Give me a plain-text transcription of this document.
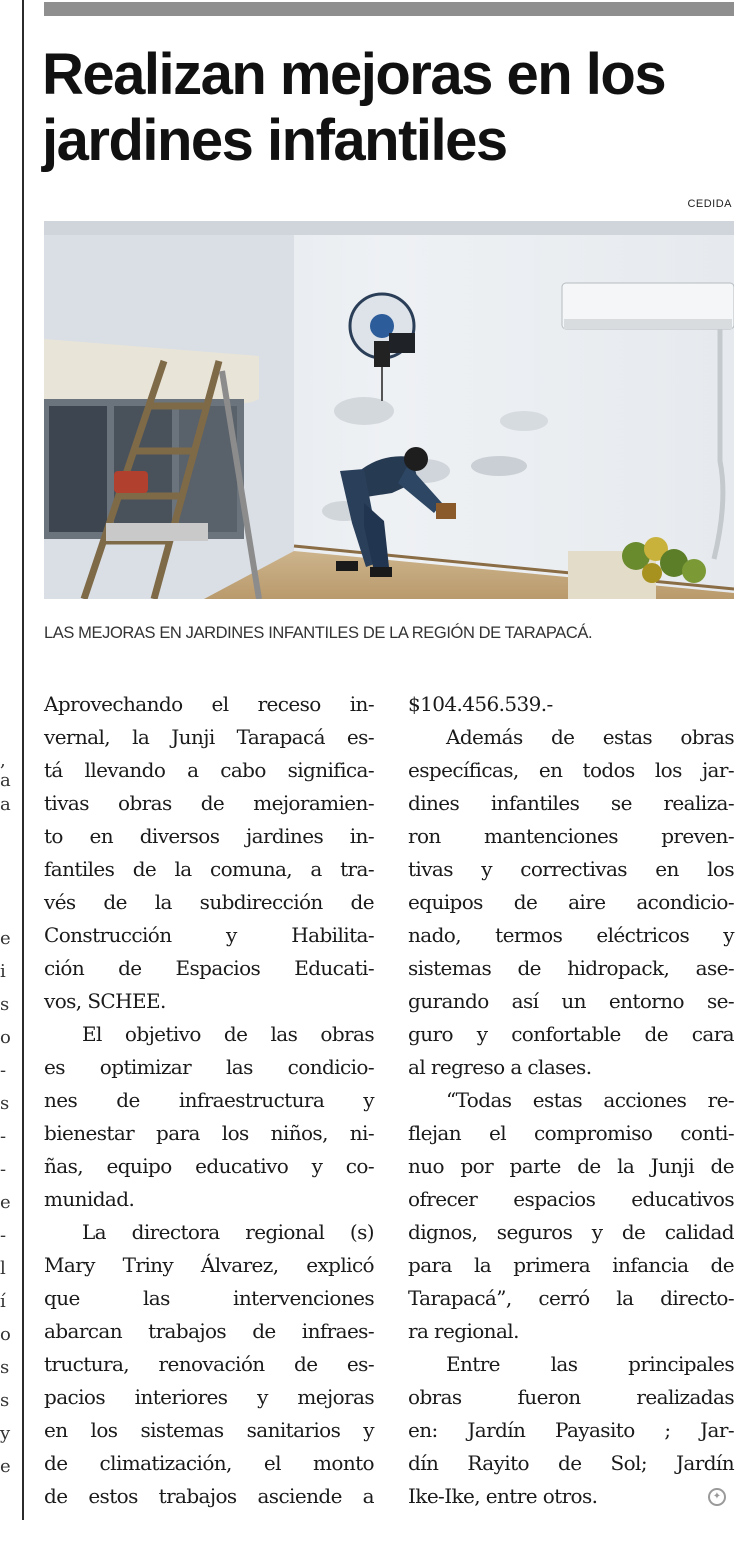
,
a
a
e
i
s
o
-
s
-
-
e
-
l
í
o
s
s
y
e
Realizan mejoras en los
jardines infantiles
CEDIDA

LAS MEJORAS EN JARDINES INFANTILES DE LA REGIÓN DE TARAPACÁ.

Aprovechando el receso in-
vernal, la Junji Tarapacá es-
tá llevando a cabo significa-
tivas obras de mejoramien-
to en diversos jardines in-
fantiles de la comuna, a tra-
vés de la subdirección de
Construcción y Habilita-
ción de Espacios Educati-
vos, SCHEE.
El objetivo de las obras
es optimizar las condicio-
nes de infraestructura y
bienestar para los niños, ni-
ñas, equipo educativo y co-
munidad.
La directora regional (s)
Mary Triny Álvarez, explicó
que las intervenciones
abarcan trabajos de infraes-
tructura, renovación de es-
pacios interiores y mejoras
en los sistemas sanitarios y
de climatización, el monto
de estos trabajos asciende a
$104.456.539.-
Además de estas obras
específicas, en todos los jar-
dines infantiles se realiza-
ron mantenciones preven-
tivas y correctivas en los
equipos de aire acondicio-
nado, termos eléctricos y
sistemas de hidropack, ase-
gurando así un entorno se-
guro y confortable de cara
al regreso a clases.
“Todas estas acciones re-
flejan el compromiso conti-
nuo por parte de la Junji de
ofrecer espacios educativos
dignos, seguros y de calidad
para la primera infancia de
Tarapacá”, cerró la directo-
ra regional.
Entre las principales
obras fueron realizadas
en: Jardín Payasito ; Jar-
dín Rayito de Sol; Jardín
Ike-Ike, entre otros.	✦
